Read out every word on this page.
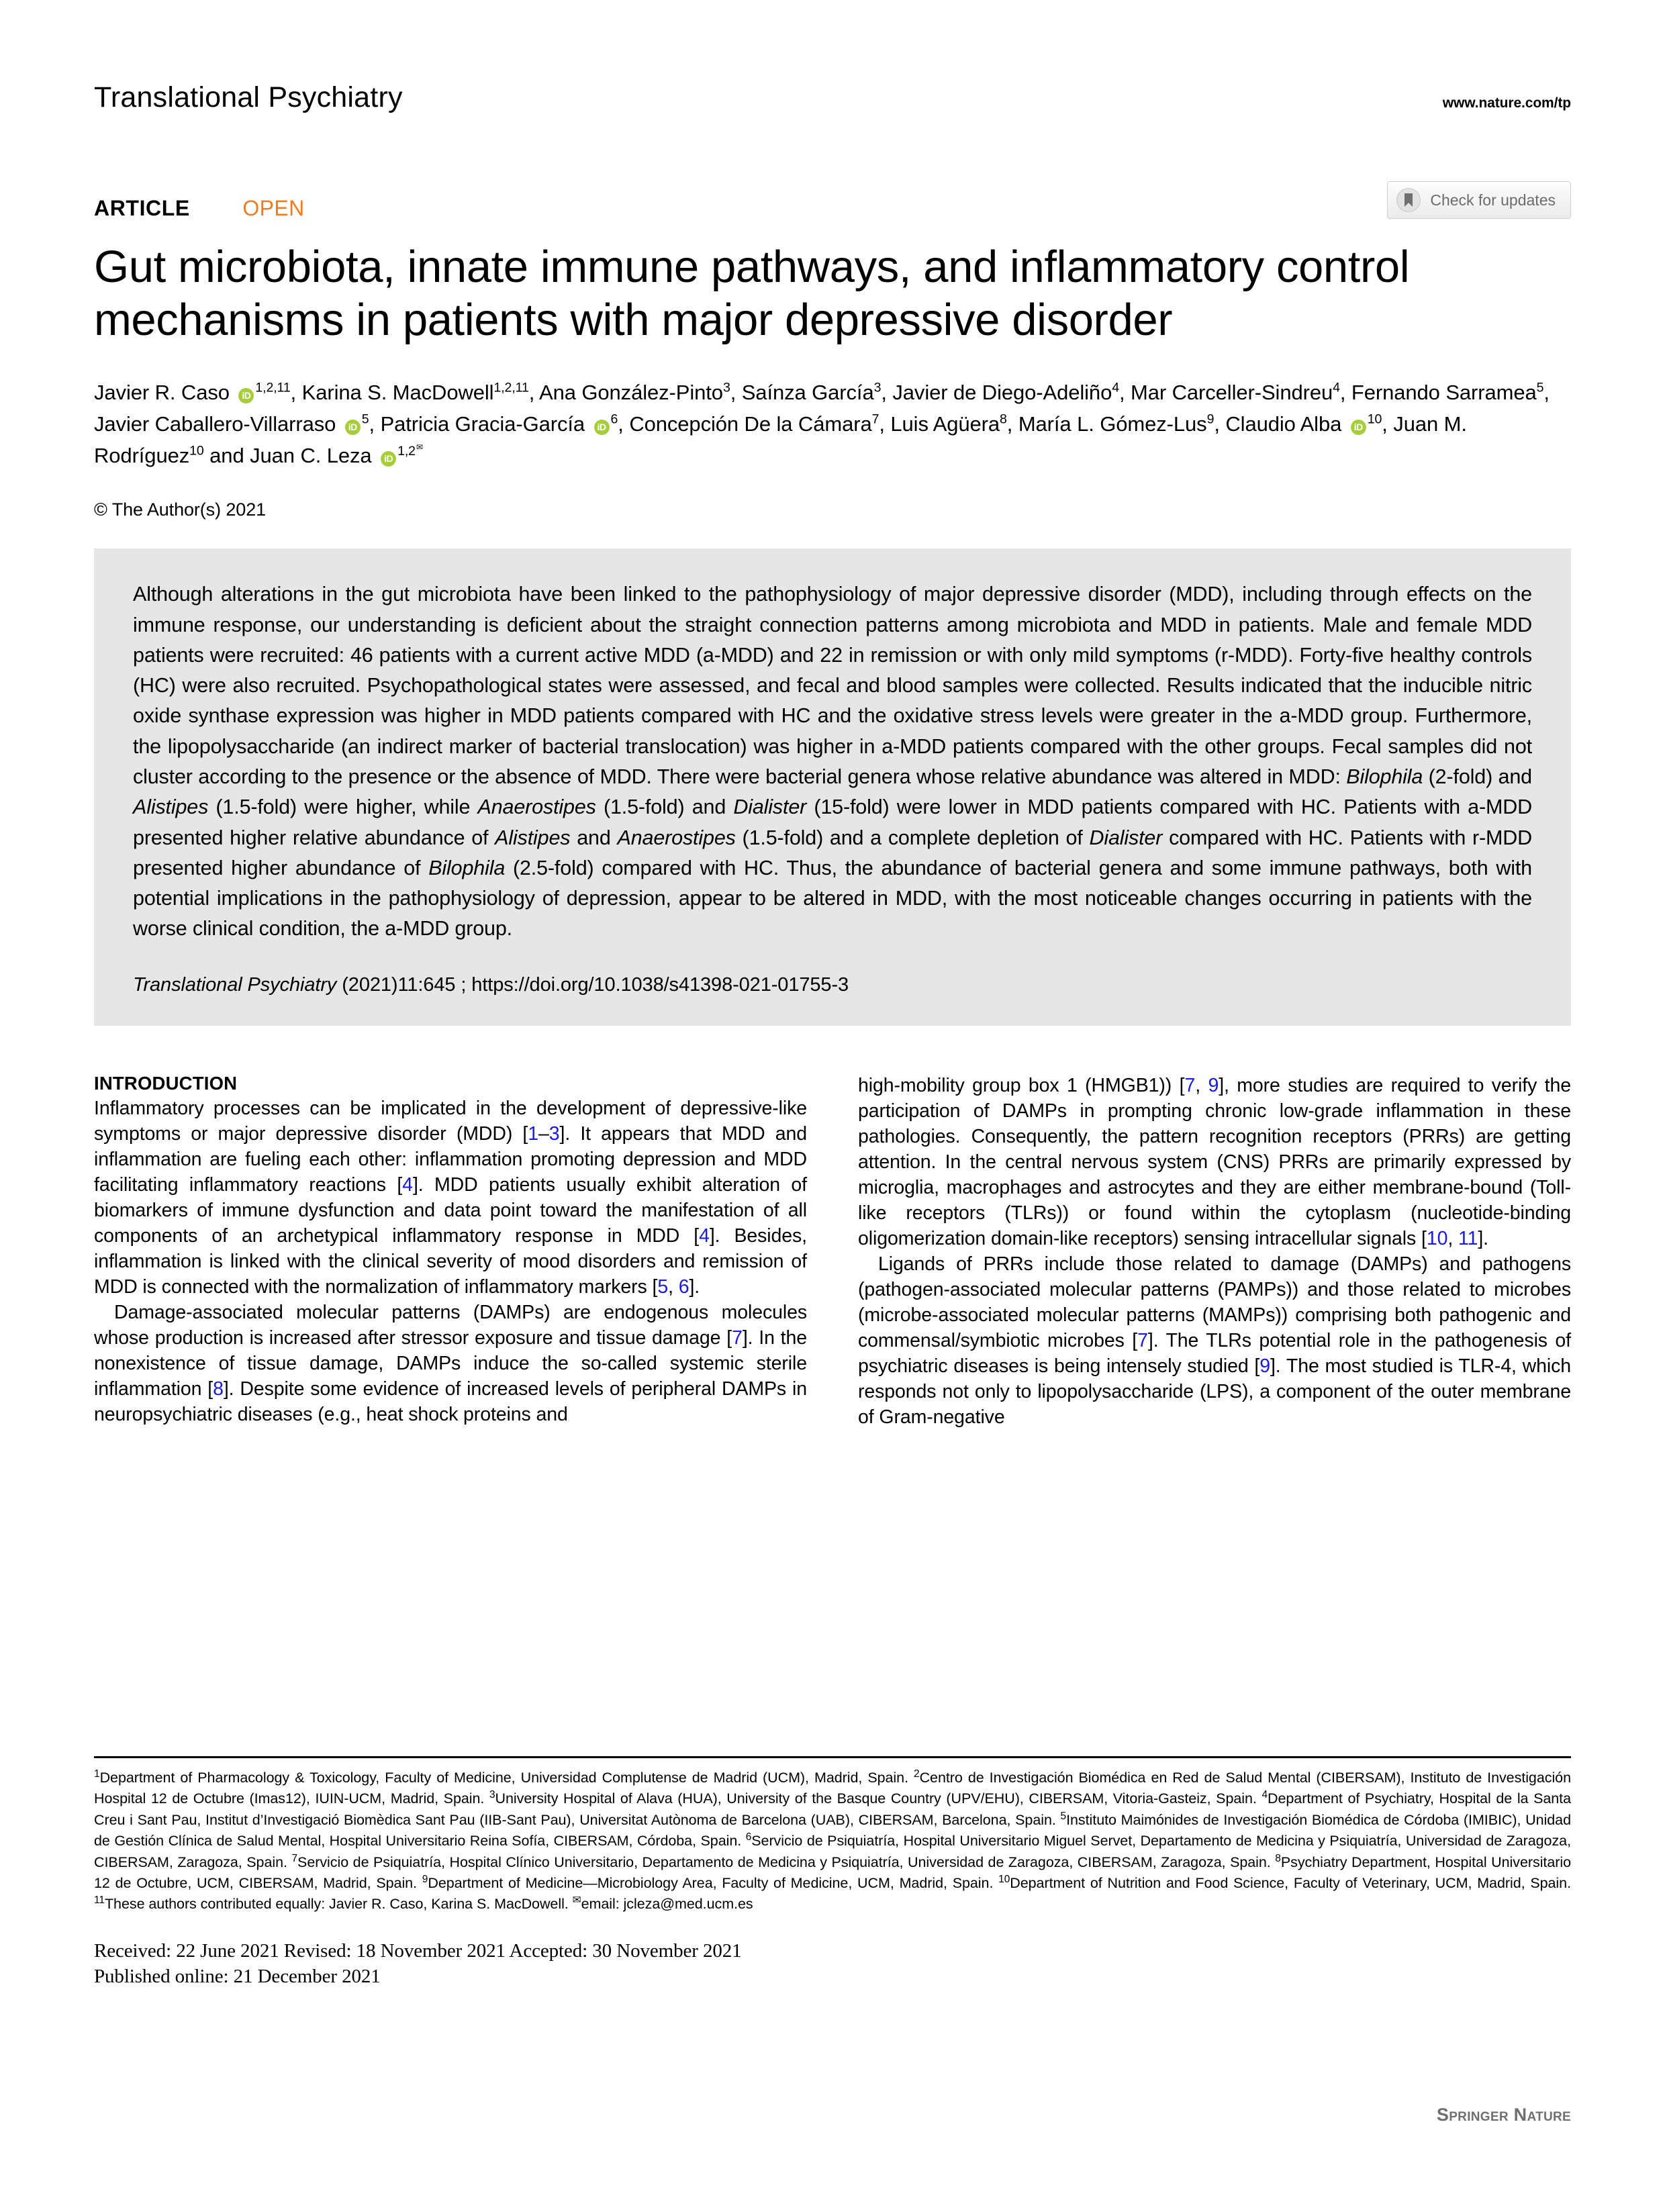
Translational Psychiatry	www.nature.com/tp
ARTICLE OPEN	Check for updates
Gut microbiota, innate immune pathways, and inflammatory control mechanisms in patients with major depressive disorder
Javier R. Caso iD$^{1,2,11}$, Karina S. MacDowell$^{1,2,11}$, Ana González-Pinto$^3$, Saínza García$^3$, Javier de Diego-Adeliño$^4$, Mar Carceller-Sindreu$^4$, Fernando Sarramea$^5$, Javier Caballero-Villarraso $iD^5$, Patricia Gracia-García $iD^6$, Concepción De la Cámara$^7$, Luis Agüera$^8$, María L. Gómez-Lus$^9$, Claudio Alba $iD^{10}$, Juan M. Rodríguez$^{10}$ and Juan C. Leza $iD^{1,2^✉}$
© The Author(s) 2021
Although alterations in the gut microbiota have been linked to the pathophysiology of major depressive disorder (MDD), including through effects on the immune response, our understanding is deficient about the straight connection patterns among microbiota and MDD in patients. Male and female MDD patients were recruited: 46 patients with a current active MDD (a-MDD) and 22 in remission or with only mild symptoms (r-MDD). Forty-five healthy controls (HC) were also recruited. Psychopathological states were assessed, and fecal and blood samples were collected. Results indicated that the inducible nitric oxide synthase expression was higher in MDD patients compared with HC and the oxidative stress levels were greater in the a-MDD group. Furthermore, the lipopolysaccharide (an indirect marker of bacterial translocation) was higher in a-MDD patients compared with the other groups. Fecal samples did not cluster according to the presence or the absence of MDD. There were bacterial genera whose relative abundance was altered in MDD: Bilophila (2-fold) and Alistipes (1.5-fold) were higher, while Anaerostipes (1.5-fold) and Dialister (15-fold) were lower in MDD patients compared with HC. Patients with a-MDD presented higher relative abundance of Alistipes and Anaerostipes (1.5-fold) and a complete depletion of Dialister compared with HC. Patients with r-MDD presented higher abundance of Bilophila (2.5-fold) compared with HC. Thus, the abundance of bacterial genera and some immune pathways, both with potential implications in the pathophysiology of depression, appear to be altered in MDD, with the most noticeable changes occurring in patients with the worse clinical condition, the a-MDD group.
Translational Psychiatry (2021)11:645 ; https://doi.org/10.1038/s41398-021-01755-3
INTRODUCTION

Inflammatory processes can be implicated in the development of depressive-like symptoms or major depressive disorder (MDD) [1–3]. It appears that MDD and inflammation are fueling each other: inflammation promoting depression and MDD facilitating inflammatory reactions [4]. MDD patients usually exhibit alteration of biomarkers of immune dysfunction and data point toward the manifestation of all components of an archetypical inflammatory response in MDD [4]. Besides, inflammation is linked with the clinical severity of mood disorders and remission of MDD is connected with the normalization of inflammatory markers [5, 6].

Damage-associated molecular patterns (DAMPs) are endogenous molecules whose production is increased after stressor exposure and tissue damage [7]. In the nonexistence of tissue damage, DAMPs induce the so-called systemic sterile inflammation [8]. Despite some evidence of increased levels of peripheral DAMPs in neuropsychiatric diseases (e.g., heat shock proteins and

high-mobility group box 1 (HMGB1)) [7, 9], more studies are required to verify the participation of DAMPs in prompting chronic low-grade inflammation in these pathologies. Consequently, the pattern recognition receptors (PRRs) are getting attention. In the central nervous system (CNS) PRRs are primarily expressed by microglia, macrophages and astrocytes and they are either membrane-bound (Toll-like receptors (TLRs)) or found within the cytoplasm (nucleotide-binding oligomerization domain-like receptors) sensing intracellular signals [10, 11].

Ligands of PRRs include those related to damage (DAMPs) and pathogens (pathogen-associated molecular patterns (PAMPs)) and those related to microbes (microbe-associated molecular patterns (MAMPs)) comprising both pathogenic and commensal/symbiotic microbes [7]. The TLRs potential role in the pathogenesis of psychiatric diseases is being intensely studied [9]. The most studied is TLR-4, which responds not only to lipopolysaccharide (LPS), a component of the outer membrane of Gram-negative

$^1$Department of Pharmacology & Toxicology, Faculty of Medicine, Universidad Complutense de Madrid (UCM), Madrid, Spain. $^2$Centro de Investigación Biomédica en Red de Salud Mental (CIBERSAM), Instituto de Investigación Hospital 12 de Octubre (Imas12), IUIN-UCM, Madrid, Spain. $^3$University Hospital of Alava (HUA), University of the Basque Country (UPV/EHU), CIBERSAM, Vitoria-Gasteiz, Spain. $^4$Department of Psychiatry, Hospital de la Santa Creu i Sant Pau, Institut d’Investigació Biomèdica Sant Pau (IIB-Sant Pau), Universitat Autònoma de Barcelona (UAB), CIBERSAM, Barcelona, Spain. $^5$Instituto Maimónides de Investigación Biomédica de Córdoba (IMIBIC), Unidad de Gestión Clínica de Salud Mental, Hospital Universitario Reina Sofía, CIBERSAM, Córdoba, Spain. $^6$Servicio de Psiquiatría, Hospital Universitario Miguel Servet, Departamento de Medicina y Psiquiatría, Universidad de Zaragoza, CIBERSAM, Zaragoza, Spain. $^7$Servicio de Psiquiatría, Hospital Clínico Universitario, Departamento de Medicina y Psiquiatría, Universidad de Zaragoza, CIBERSAM, Zaragoza, Spain. $^8$Psychiatry Department, Hospital Universitario 12 de Octubre, UCM, CIBERSAM, Madrid, Spain. $^9$Department of Medicine—Microbiology Area, Faculty of Medicine, UCM, Madrid, Spain. $^{10}$Department of Nutrition and Food Science, Faculty of Veterinary, UCM, Madrid, Spain. $^{11}$These authors contributed equally: Javier R. Caso, Karina S. MacDowell. ✉email: jcleza@med.ucm.es
Received: 22 June 2021 Revised: 18 November 2021 Accepted: 30 November 2021
Published online: 21 December 2021
Springer Nature
